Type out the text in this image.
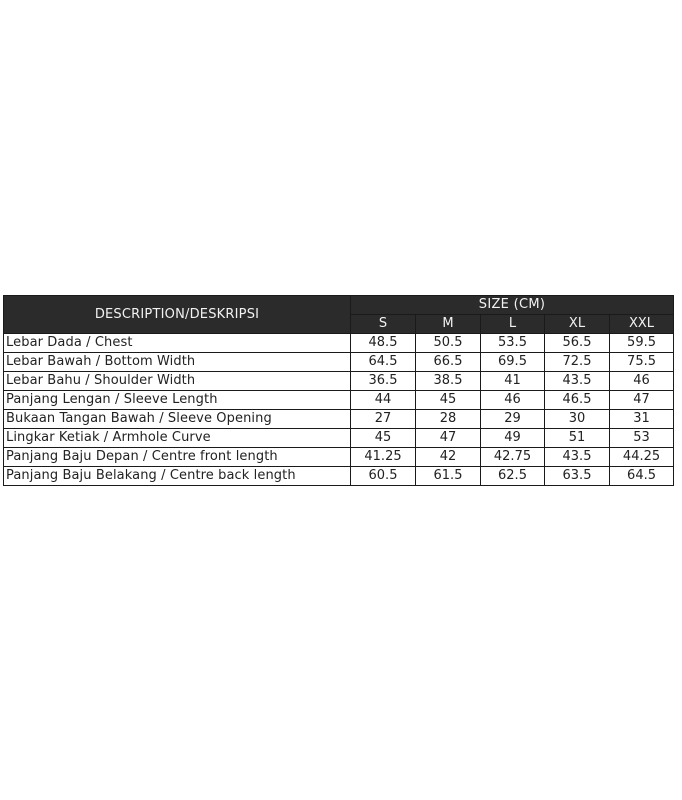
DESCRIPTION/DESKRIPSI	SIZE (CM)				
	S	M	L	XL	XXL
Lebar Dada / Chest	48.5	50.5	53.5	56.5	59.5
Lebar Bawah / Bottom Width	64.5	66.5	69.5	72.5	75.5
Lebar Bahu / Shoulder Width	36.5	38.5	41	43.5	46
Panjang Lengan / Sleeve Length	44	45	46	46.5	47
Bukaan Tangan Bawah / Sleeve Opening	27	28	29	30	31
Lingkar Ketiak / Armhole Curve	45	47	49	51	53
Panjang Baju Depan / Centre front length	41.25	42	42.75	43.5	44.25
Panjang Baju Belakang / Centre back length	60.5	61.5	62.5	63.5	64.5
